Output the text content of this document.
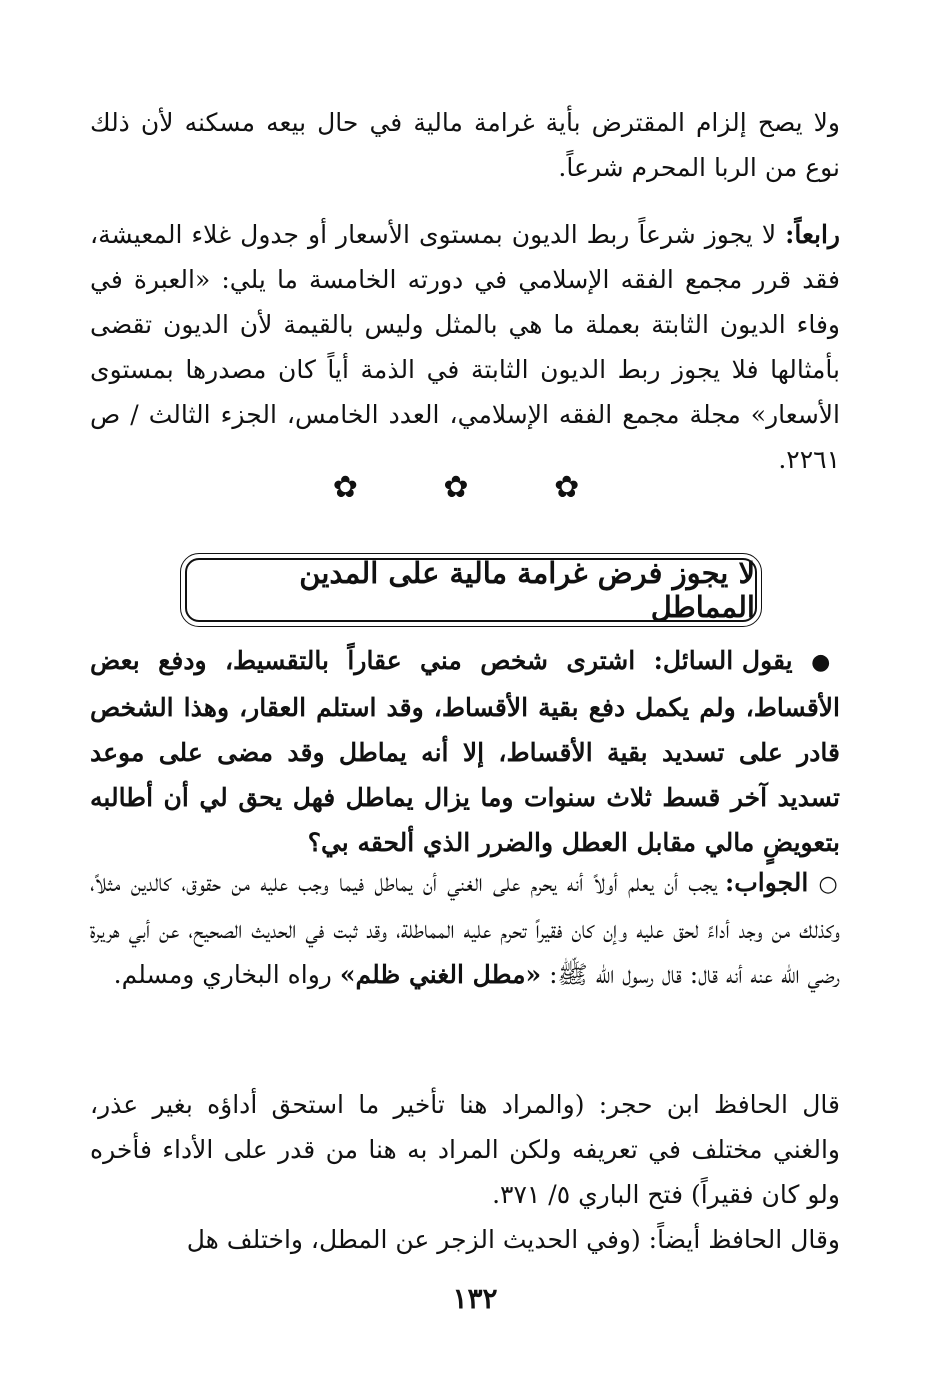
ولا يصح إلزام المقترض بأية غرامة مالية في حال بيعه مسكنه لأن ذلك نوع من الربا المحرم شرعاً.

رابعاً: لا يجوز شرعاً ربط الديون بمستوى الأسعار أو جدول غلاء المعيشة، فقد قرر مجمع الفقه الإسلامي في دورته الخامسة ما يلي: «العبرة في وفاء الديون الثابتة بعملة ما هي بالمثل وليس بالقيمة لأن الديون تقضى بأمثالها فلا يجوز ربط الديون الثابتة في الذمة أياً كان مصدرها بمستوى الأسعار» مجلة مجمع الفقه الإسلامي، العدد الخامس، الجزء الثالث / ص ٢٢٦١.

✿ ✿ ✿
لا يجوز فرض غرامة مالية على المدين المماطل

● يقول السائل: اشترى شخص مني عقاراً بالتقسيط، ودفع بعض الأقساط، ولم يكمل دفع بقية الأقساط، وقد استلم العقار، وهذا الشخص قادر على تسديد بقية الأقساط، إلا أنه يماطل وقد مضى على موعد تسديد آخر قسط ثلاث سنوات وما يزال يماطل فهل يحق لي أن أطالبه بتعويضٍ مالي مقابل العطل والضرر الذي ألحقه بي؟

○ الجواب: يجب أن يعلم أولاً أنه يحرم على الغني أن يماطل فيما وجب عليه من حقوق، كالدين مثلاً، وكذلك من وجد أداءً لحق عليه وإن كان فقيراً تحرم عليه المماطلة، وقد ثبت في الحديث الصحيح، عن أبي هريرة رضي الله عنه أنه قال: قال رسول الله ﷺ: «مطل الغني ظلم» رواه البخاري ومسلم.

قال الحافظ ابن حجر: (والمراد هنا تأخير ما استحق أداؤه بغير عذر، والغني مختلف في تعريفه ولكن المراد به هنا من قدر على الأداء فأخره ولو كان فقيراً) فتح الباري ٥/ ٣٧١.

وقال الحافظ أيضاً: (وفي الحديث الزجر عن المطل، واختلف هل

١٣٢
